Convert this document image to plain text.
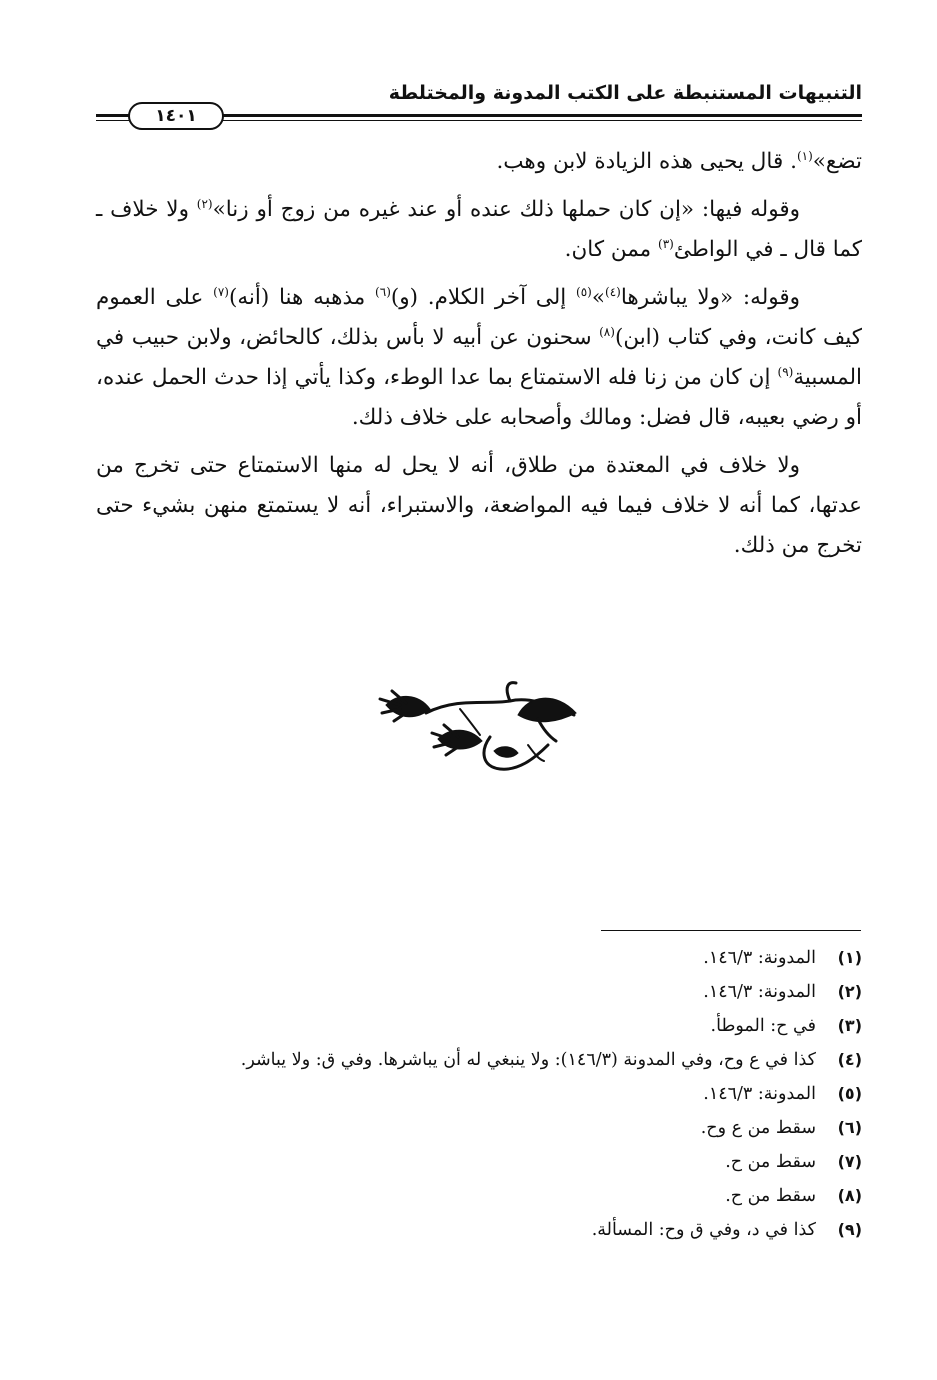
التنبيهات المستنبطة على الكتب المدونة والمختلطة
١٤٠١

تضع»$^{(١)}$. قال يحيى هذه الزيادة لابن وهب.

وقوله فيها: «إن كان حملها ذلك عنده أو عند غيره من زوج أو زنا»$^{(٢)}$ ولا خلاف ـ كما قال ـ في الواطئ$^{(٣)}$ ممن كان.

وقوله: «ولا يباشرها$^{(٤)}$»$^{(٥)}$ إلى آخر الكلام. (و)$^{(٦)}$ مذهبه هنا (أنه)$^{(٧)}$ على العموم كيف كانت، وفي كتاب (ابن)$^{(٨)}$ سحنون عن أبيه لا بأس بذلك، كالحائض، ولابن حبيب في المسبية$^{(٩)}$ إن كان من زنا فله الاستمتاع بما عدا الوطء، وكذا يأتي إذا حدث الحمل عنده، أو رضي بعيبه، قال فضل: ومالك وأصحابه على خلاف ذلك.

ولا خلاف في المعتدة من طلاق، أنه لا يحل له منها الاستمتاع حتى تخرج من عدتها، كما أنه لا خلاف فيما فيه المواضعة، والاستبراء، أنه لا يستمتع منهن بشيء حتى تخرج من ذلك.

(١)
المدونة: ١٤٦/٣.
(٢)
المدونة: ١٤٦/٣.
(٣)
في ح: الموطأ.
(٤)
كذا في ع وح، وفي المدونة (١٤٦/٣): ولا ينبغي له أن يباشرها. وفي ق: ولا يباشر.
(٥)
المدونة: ١٤٦/٣.
(٦)
سقط من ع وح.
(٧)
سقط من ح.
(٨)
سقط من ح.
(٩)
كذا في د، وفي ق وح: المسألة.
